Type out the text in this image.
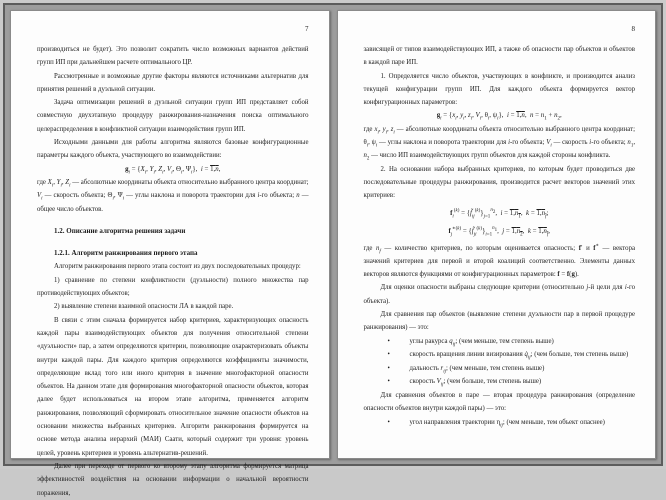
7

производиться не будет). Это позволит сократить число возможных вариантов действий групп ИП при дальнейшем расчете оптимального ЦР.

Рассмотренные и возможные другие факторы являются источниками альтернатив для принятия решений в дуэльной ситуации.

Задача оптимизации решений в дуэльной ситуации групп ИП представляет собой совместную двухэтапную процедуру ранжирования-назначения поиска оптимального целераспределения в конфликтной ситуации взаимодействия групп ИП.

Исходными данными для работы алгоритма являются базовые конфигурационные параметры каждого объекта, участвующего во взаимодействии:

$g_i = \{X_i$, $Y_i$, $Z_i$, $V_i$, $\Theta_i$, $\Psi_i$},  i = 1,n,

где $X_i$, $Y_i$, $Z_i$ — абсолютные координаты объекта относительно выбранного центра координат; $V_i$ — скорость объекта; $\Theta_i$, $\Psi_i$ — углы наклона и поворота траектории для i-го объекта; n — общее число объектов.

1.2. Описание алгоритма решения задачи

1.2.1. Алгоритм ранжирования первого этапа

Алгоритм ранжирования первого этапа состоит из двух последовательных процедур:

1) сравнение по степени конфликтности (дуэльности) полного множества пар противодействующих объектов;

2) выявление степени взаимной опасности ЛА в каждой паре.

В связи с этим сначала формируется набор критериев, характеризующих опасность каждой пары взаимодействующих объектов для получения относительной степени «дуэльности» пар, а затем определяются критерии, позволяющие охарактеризовать объекты внутри каждой пары. Для каждого критерия определяются коэффициенты значимости, определяющие вклад того или иного критерия в значение многофакторной опасности объектов. На данном этапе для формирования многофакторной опасности объектов, которая далее будет использоваться на втором этапе алгоритма, применяется алгоритм ранжирования, позволяющий сформировать относительное значение опасности объектов на основании множества выбранных критериев. Алгоритм ранжирования формируется на основе метода анализа иерархий (МАИ) Саати, который содержит три уровня: уровень целей, уровень критериев и уровень альтернатив-решений.

Далее при переходе от первого ко второму этапу алгоритма формируется матрица эффективностей воздействия на основании информации о начальной вероятности поражения,

8

зависящей от типов взаимодействующих ИП, а также об опасности пар объектов и объектов в каждой паре ИП.

1. Определяется число объектов, участвующих в конфликте, и производится анализ текущей конфигурации групп ИП. Для каждого объекта формируется вектор конфигурационных параметров:

$g_i = \{x_i$, $y_i$, $z_i$, $V_i$, $\theta_i$, $\psi_i$},  i = 1,n,  $n = n_1 + n_2$,

где $x_i$, $y_i$, $z_i$ — абсолютные координаты объекта относительно выбранного центра координат; $\theta_i$, $\psi_i$ — углы наклона и поворота траектории для i-го объекта; $V_i$ — скорость i-го объекта; $n_1$, $n_2$ — число ИП взаимодействующих групп объектов для каждой стороны конфликта.

2. На основании набора выбранных критериев, по которым будет проводиться две последовательные процедуры ранжирования, производится расчет векторов значений этих критериев:

$f_i^{(k)}$ = $\{f̃_{ij}^{(k)}\}_{j=1}^{n_2}$,  $i = 1,n_1$,  $k = 1,n_f$;

$f_j^{∗(k)}$ = $\{f̃_{ji}^{(k)}\}_{i=1}^{n_1}$,  $j = 1,n_2$,  $k = 1,n_f$,

где $n_f$ — количество критериев, по которым оценивается опасность; f′ и f∗ — вектора значений критериев для первой и второй коалиций соответственно. Элементы данных векторов являются функциями от конфигурационных параметров: f = f(g).

Для оценки опасности выбраны следующие критерии (относительно j-й цели для i-го объекта).

Для сравнения пар объектов (выявление степени дуэльности пар в первой процедуре ранжирования) — это:

• углы ракурса $q_{ij}$; (чем меньше, тем степень выше)

• скорость вращения линии визирования $q̇_{ij}$; (чем больше, тем степень выше)

• дальность $r_{ij}$; (чем меньше, тем степень выше)

• скорость $V_{ij}$; (чем больше, тем степень выше)

Для сравнения объектов в паре — вторая процедура ранжирования (определение опасности объектов внутри каждой пары) — это:

• угол направления траектории $\eta_{ij}$; (чем меньше, тем объект опаснее)
